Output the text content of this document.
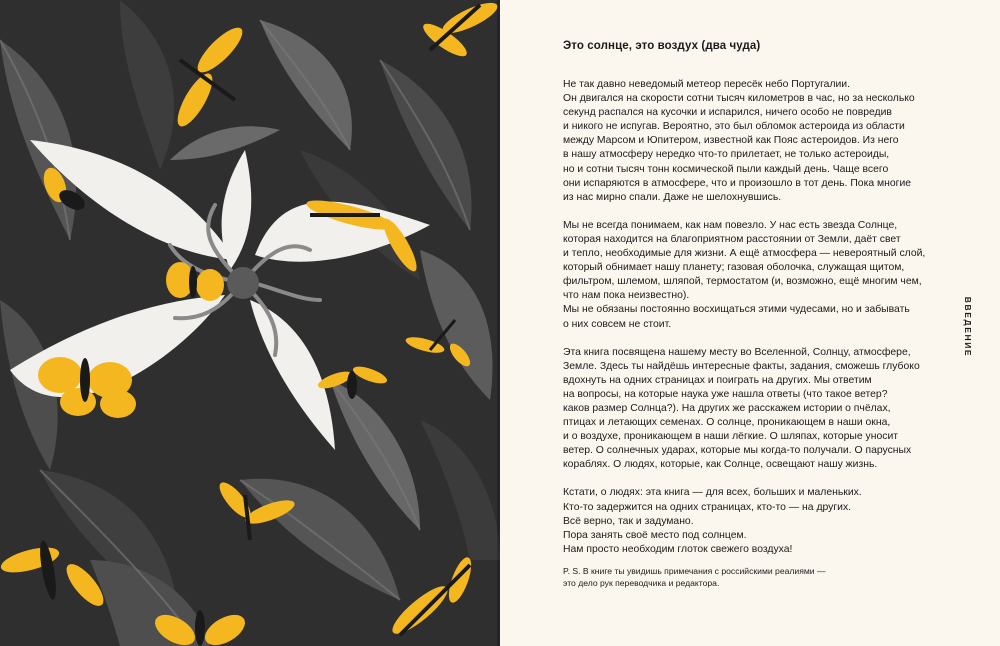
Это солнце, это воздух (два чуда)

Не так давно неведомый метеор пересёк небо Португалии.
Он двигался на скорости сотни тысяч километров в час, но за несколько
секунд распался на кусочки и испарился, ничего особо не повредив
и никого не испугав. Вероятно, это был обломок астероида из области
между Марсом и Юпитером, известной как Пояс астероидов. Из него
в нашу атмосферу нередко что-то прилетает, не только астероиды,
но и сотни тысяч тонн космической пыли каждый день. Чаще всего
они испаряются в атмосфере, что и произошло в тот день. Пока многие
из нас мирно спали. Даже не шелохнувшись.

Мы не всегда понимаем, как нам повезло. У нас есть звезда Солнце,
которая находится на благоприятном расстоянии от Земли, даёт свет
и тепло, необходимые для жизни. А ещё атмосфера — невероятный слой,
который обнимает нашу планету; газовая оболочка, служащая щитом,
фильтром, шлемом, шляпой, термостатом (и, возможно, ещё многим чем,
что нам пока неизвестно).
Мы не обязаны постоянно восхищаться этими чудесами, но и забывать
о них совсем не стоит.

Эта книга посвящена нашему месту во Вселенной, Солнцу, атмосфере,
Земле. Здесь ты найдёшь интересные факты, задания, сможешь глубоко
вдохнуть на одних страницах и поиграть на других. Мы ответим
на вопросы, на которые наука уже нашла ответы (что такое ветер?
каков размер Солнца?). На других же расскажем истории о пчёлах,
птицах и летающих семенах. О солнце, проникающем в наши окна,
и о воздухе, проникающем в наши лёгкие. О шляпах, которые уносит
ветер. О солнечных ударах, которые мы когда-то получали. О парусных
кораблях. О людях, которые, как Солнце, освещают нашу жизнь.

Кстати, о людях: эта книга — для всех, больших и маленьких.
Кто-то задержится на одних страницах, кто-то — на других.
Всё верно, так и задумано.
Пора занять своё место под солнцем.
Нам просто необходим глоток свежего воздуха!

P. S. В книге ты увидишь примечания с российскими реалиями —
это дело рук переводчика и редактора.
ВВЕДЕНИЕ
